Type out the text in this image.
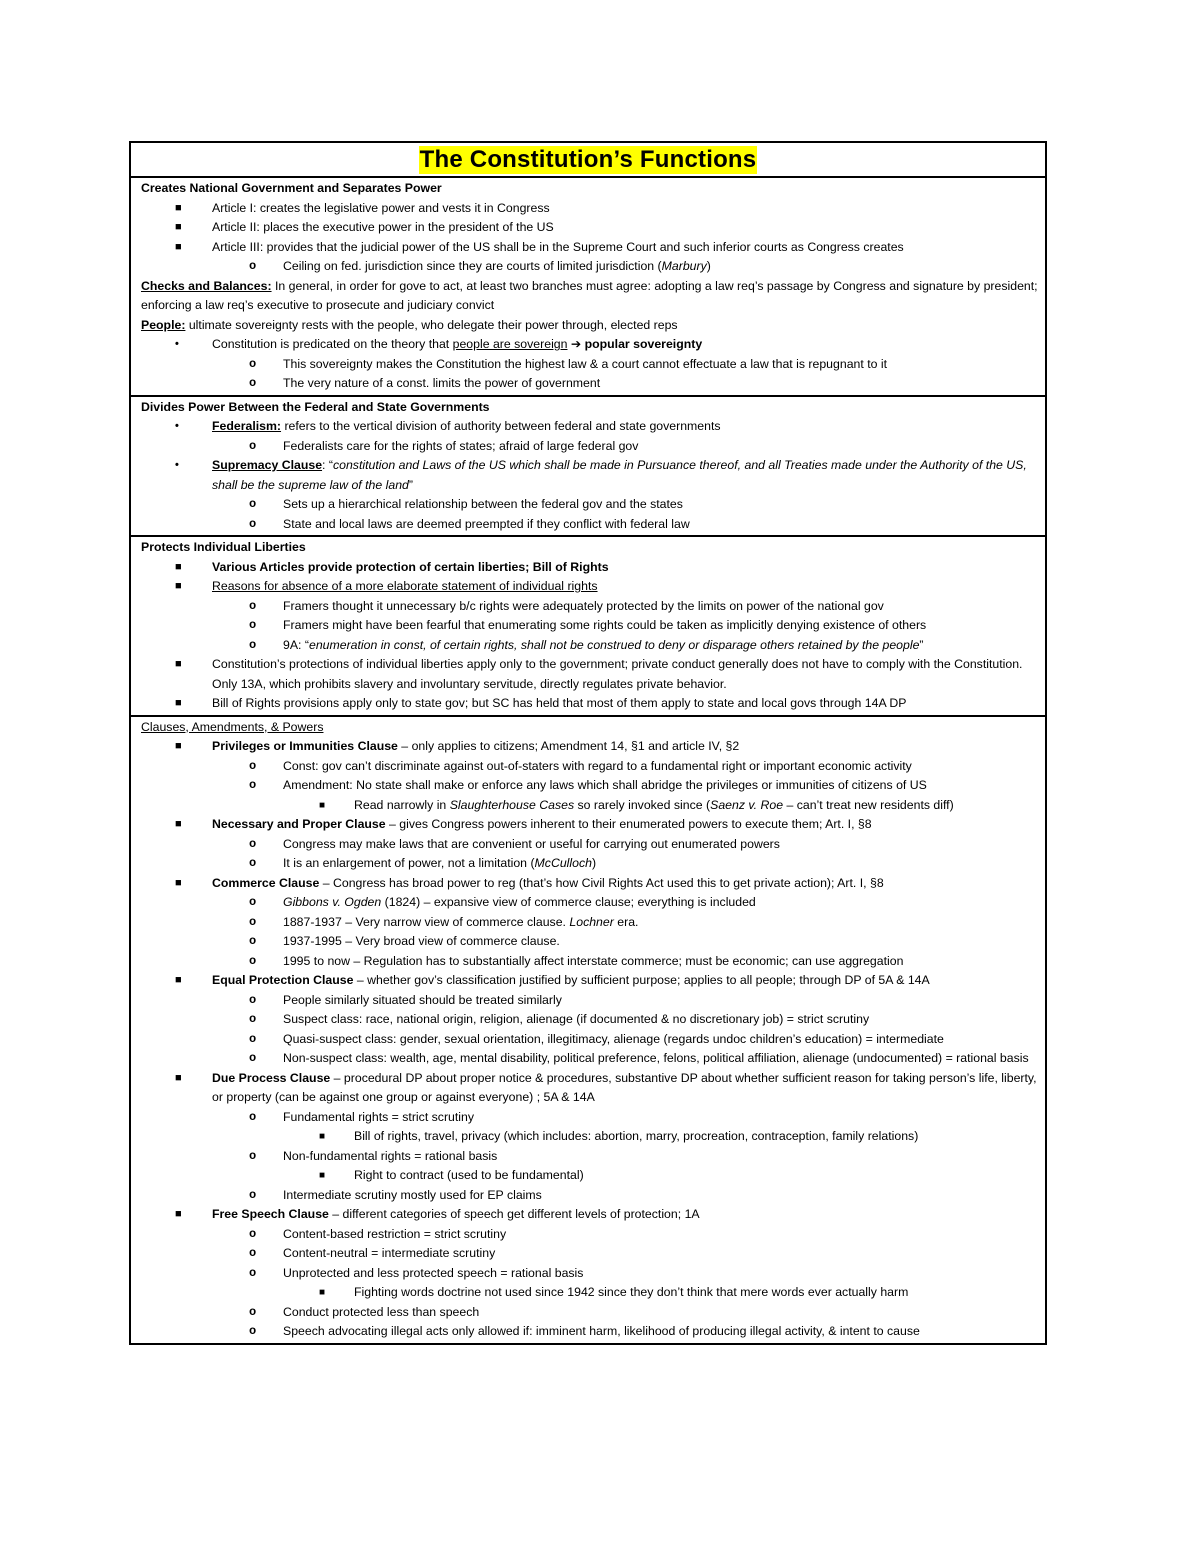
The Constitution’s Functions
Creates National Government and Separates Power
■ Article I: creates the legislative power and vests it in Congress
■ Article II: places the executive power in the president of the US
■ Article III: provides that the judicial power of the US shall be in the Supreme Court and such inferior courts as Congress creates
o Ceiling on fed. jurisdiction since they are courts of limited jurisdiction (Marbury)
Checks and Balances: In general, in order for gove to act, at least two branches must agree: adopting a law req’s passage by Congress and signature by president; enforcing a law req’s executive to prosecute and judiciary convict
People: ultimate sovereignty rests with the people, who delegate their power through, elected reps
•	Constitution is predicated on the theory that people are sovereign ➔ popular sovereignty
o This sovereignty makes the Constitution the highest law & a court cannot effectuate a law that is repugnant to it
o The very nature of a const. limits the power of government
Divides Power Between the Federal and State Governments
•	Federalism: refers to the vertical division of authority between federal and state governments
o Federalists care for the rights of states; afraid of large federal gov
•	Supremacy Clause: “constitution and Laws of the US which shall be made in Pursuance thereof, and all Treaties made under the Authority of the US, shall be the supreme law of the land”
o Sets up a hierarchical relationship between the federal gov and the states
o State and local laws are deemed preempted if they conflict with federal law
Protects Individual Liberties
■ Various Articles provide protection of certain liberties; Bill of Rights
■ Reasons for absence of a more elaborate statement of individual rights
o Framers thought it unnecessary b/c rights were adequately protected by the limits on power of the national gov
o Framers might have been fearful that enumerating some rights could be taken as implicitly denying existence of others
o 9A: “enumeration in const, of certain rights, shall not be construed to deny or disparage others retained by the people”
■ Constitution’s protections of individual liberties apply only to the government; private conduct generally does not have to comply with the Constitution. Only 13A, which prohibits slavery and involuntary servitude, directly regulates private behavior.
■ Bill of Rights provisions apply only to state gov; but SC has held that most of them apply to state and local govs through 14A DP
Clauses, Amendments, & Powers
■ Privileges or Immunities Clause – only applies to citizens; Amendment 14, §1 and article IV, §2
o Const: gov can’t discriminate against out-of-staters with regard to a fundamental right or important economic activity
o Amendment: No state shall make or enforce any laws which shall abridge the privileges or immunities of citizens of US
■ Read narrowly in Slaughterhouse Cases so rarely invoked since (Saenz v. Roe – can’t treat new residents diff)
■ Necessary and Proper Clause – gives Congress powers inherent to their enumerated powers to execute them; Art. I, §8
o Congress may make laws that are convenient or useful for carrying out enumerated powers
o It is an enlargement of power, not a limitation (McCulloch)
■ Commerce Clause – Congress has broad power to reg (that’s how Civil Rights Act used this to get private action); Art. I, §8
o Gibbons v. Ogden (1824) – expansive view of commerce clause; everything is included
o 1887-1937 – Very narrow view of commerce clause. Lochner era.
o 1937-1995 – Very broad view of commerce clause.
o 1995 to now – Regulation has to substantially affect interstate commerce; must be economic; can use aggregation
■ Equal Protection Clause – whether gov’s classification justified by sufficient purpose; applies to all people; through DP of 5A & 14A
o People similarly situated should be treated similarly
o Suspect class: race, national origin, religion, alienage (if documented & no discretionary job) = strict scrutiny
o Quasi-suspect class: gender, sexual orientation, illegitimacy, alienage (regards undoc children’s education) = intermediate
o Non-suspect class: wealth, age, mental disability, political preference, felons, political affiliation, alienage (undocumented) = rational basis
■ Due Process Clause – procedural DP about proper notice & procedures, substantive DP about whether sufficient reason for taking person’s life, liberty, or property (can be against one group or against everyone) ; 5A & 14A
o Fundamental rights = strict scrutiny
■ Bill of rights, travel, privacy (which includes: abortion, marry, procreation, contraception, family relations)
o Non-fundamental rights = rational basis
■ Right to contract (used to be fundamental)
o Intermediate scrutiny mostly used for EP claims
■ Free Speech Clause – different categories of speech get different levels of protection; 1A
o Content-based restriction = strict scrutiny
o Content-neutral = intermediate scrutiny
o Unprotected and less protected speech = rational basis
■ Fighting words doctrine not used since 1942 since they don’t think that mere words ever actually harm
o Conduct protected less than speech
o Speech advocating illegal acts only allowed if: imminent harm, likelihood of producing illegal activity, & intent to cause
